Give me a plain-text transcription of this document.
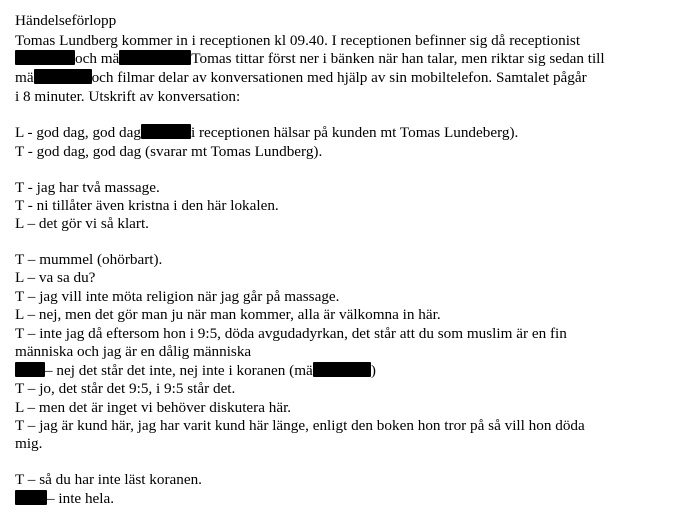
Händelseförlopp
Tomas Lundberg kommer in i receptionen kl 09.40. I receptionen befinner sig då receptionist
och mä	Tomas tittar först ner i bänken när han talar, men riktar sig sedan till
mä	och filmar delar av konversationen med hjälp av sin mobiltelefon. Samtalet pågår
i 8 minuter. Utskrift av konversation:
L - god dag, god dag	i receptionen hälsar på kunden mt Tomas Lundeberg).
T - god dag, god dag (svarar mt Tomas Lundberg).
T - jag har två massage.
T - ni tillåter även kristna i den här lokalen.
L – det gör vi så klart.
T – mummel (ohörbart).
L – va sa du?
T – jag vill inte möta religion när jag går på massage.
L – nej, men det gör man ju när man kommer, alla är välkomna in här.
T – inte jag då eftersom hon i 9:5, döda avgudadyrkan, det står att du som muslim är en fin
människa och jag är en dålig människa
– nej det står det inte, nej inte i koranen (mä	)
T – jo, det står det 9:5, i 9:5 står det.
L – men det är inget vi behöver diskutera här.
T – jag är kund här, jag har varit kund här länge, enligt den boken hon tror på så vill hon döda
mig.
T – så du har inte läst koranen.
– inte hela.
